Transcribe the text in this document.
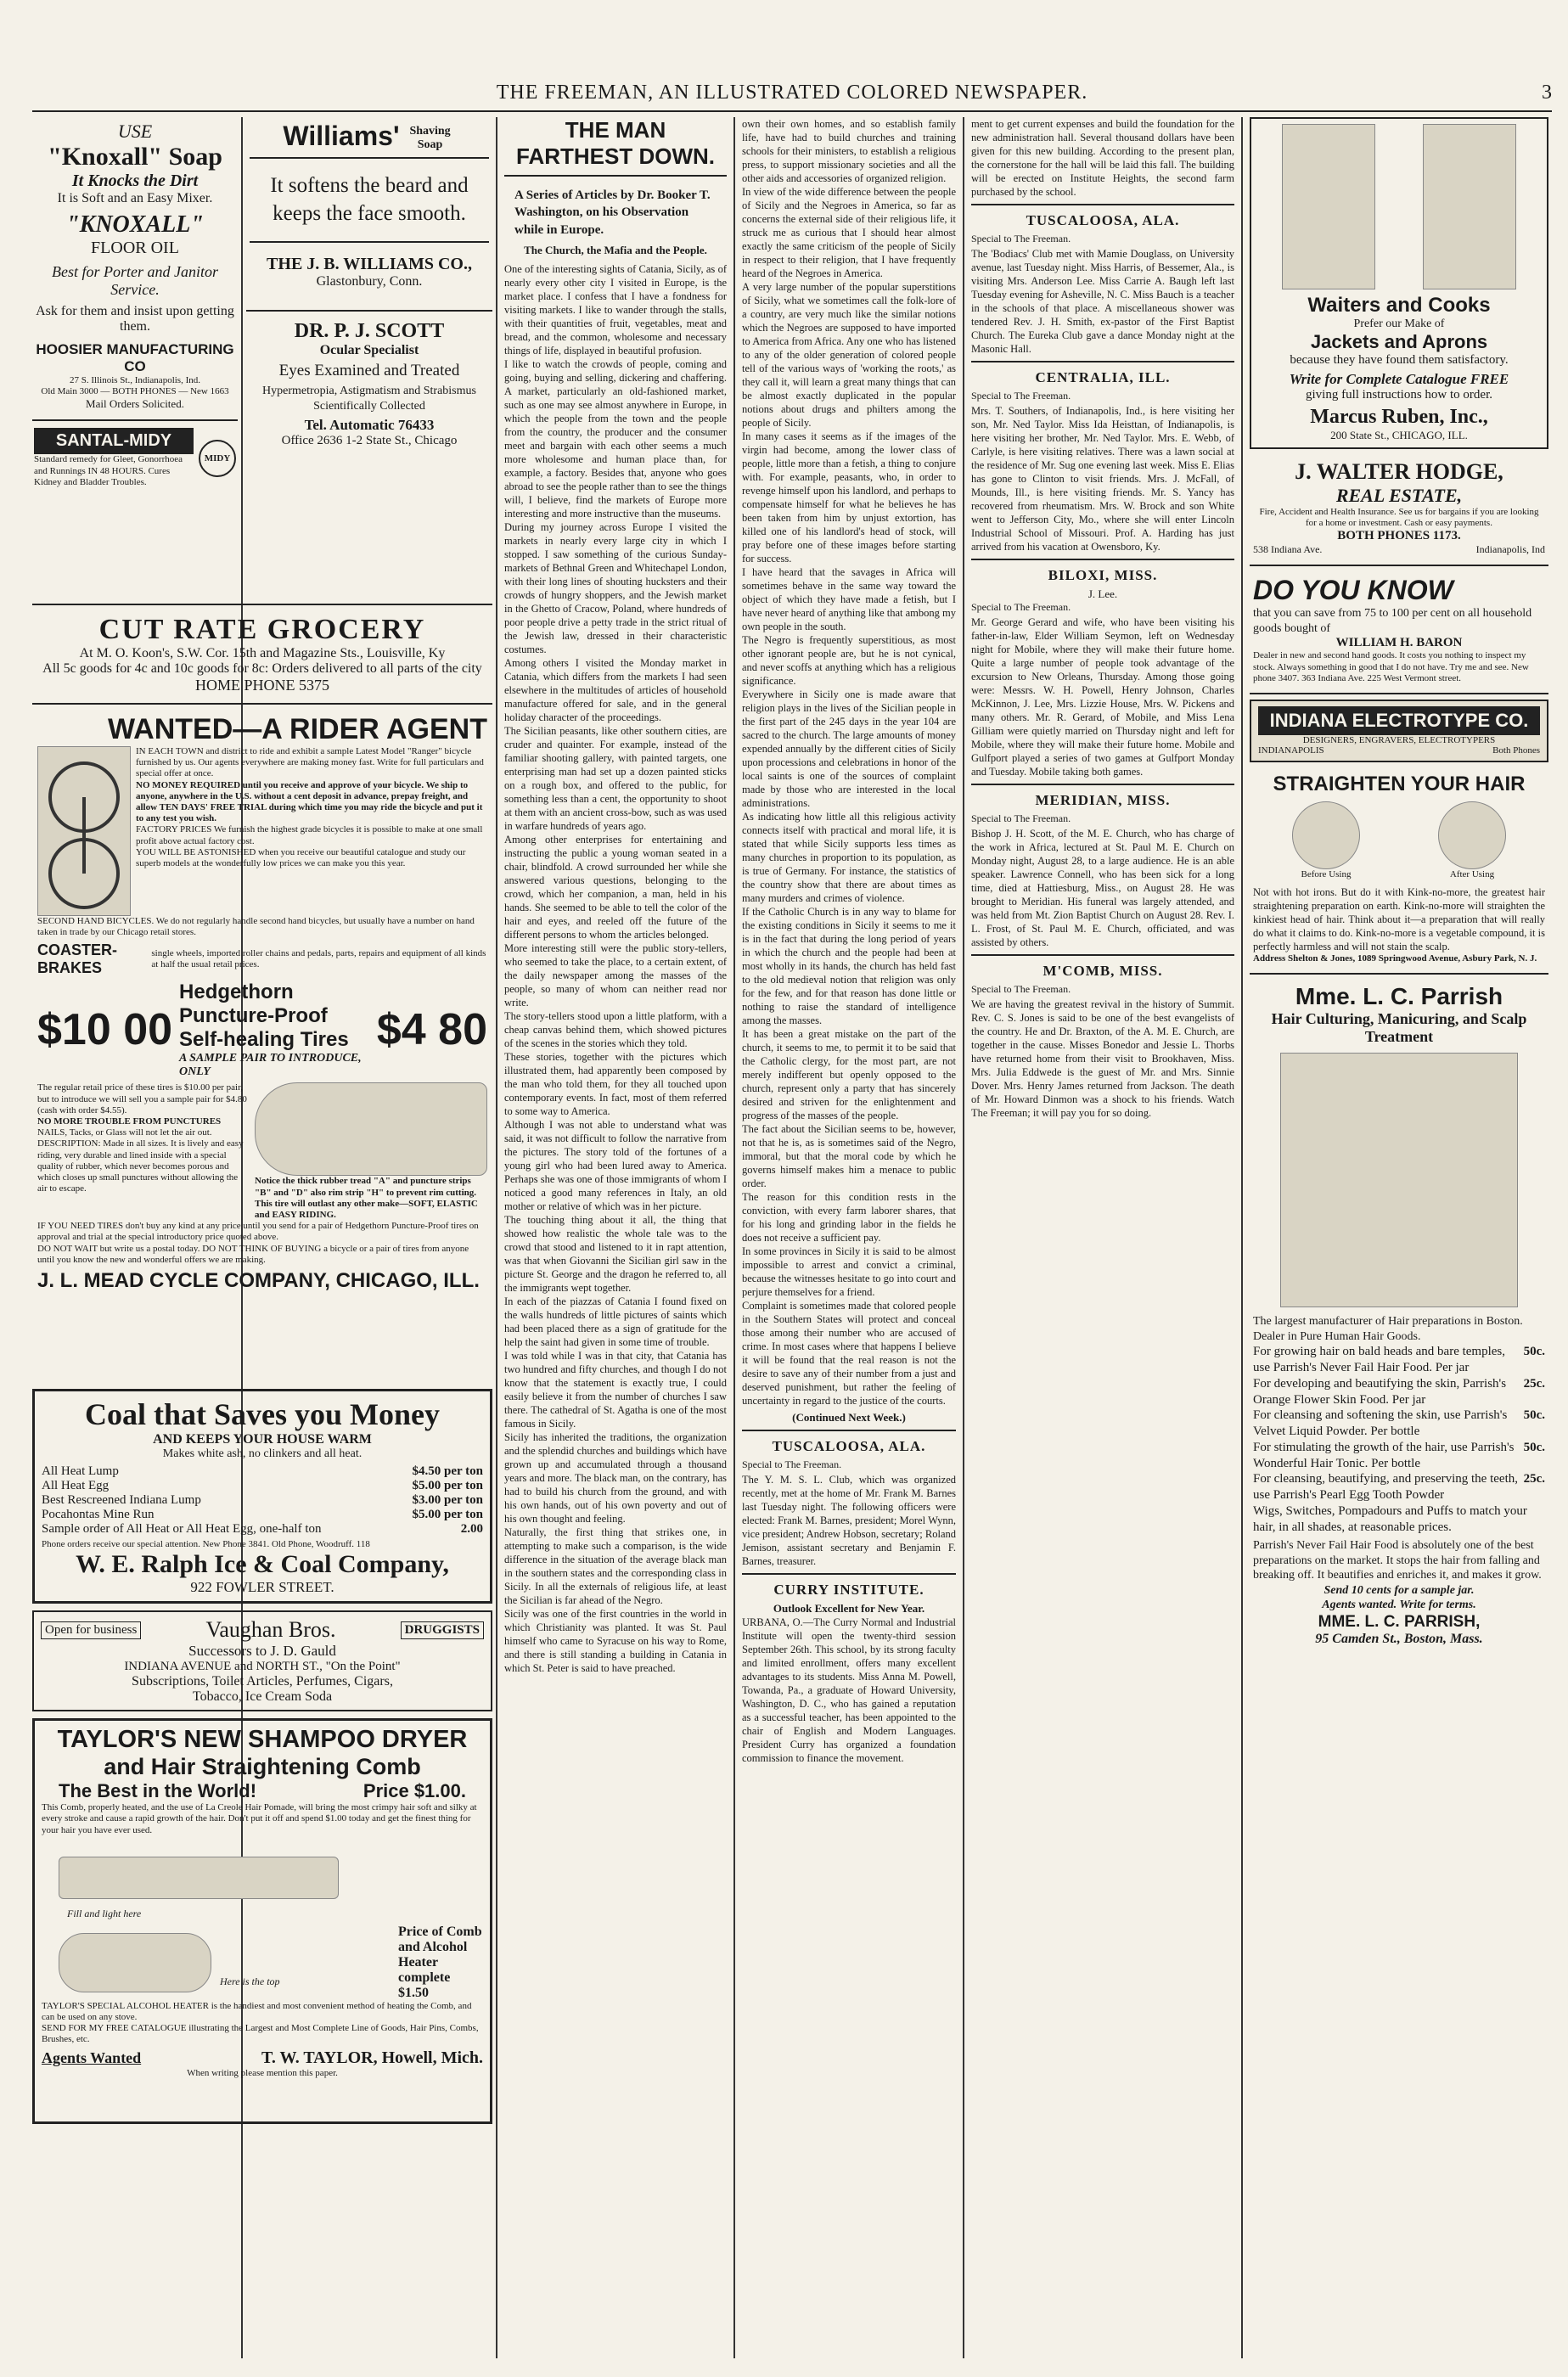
THE FREEMAN, AN ILLUSTRATED COLORED NEWSPAPER.	3
USE
"Knoxall" Soap
It Knocks the Dirt
It is Soft and an Easy Mixer.
"KNOXALL"
FLOOR OIL
Best for Porter and Janitor Service.
Ask for them and insist upon getting them.
HOOSIER MANUFACTURING CO
27 S. Illinois St., Indianapolis, Ind.
Old Main 3000 — BOTH PHONES — New 1663
Mail Orders Solicited.
SANTAL-MIDY
Standard remedy for Gleet, Gonorrhoea and Runnings IN 48 HOURS. Cures Kidney and Bladder Troubles.
MIDY
Williams' Shaving Soap
It softens the beard and keeps the face smooth.
THE J. B. WILLIAMS CO.,
Glastonbury, Conn.
DR. P. J. SCOTT
Ocular Specialist
Eyes Examined and Treated
Hypermetropia, Astigmatism and Strabismus Scientifically Collected
Tel. Automatic 76433
Office 2636 1-2 State St., Chicago
CUT RATE GROCERY
At M. O. Koon's, S.W. Cor. 15th and Magazine Sts., Louisville, Ky
All 5c goods for 4c and 10c goods for 8c: Orders delivered to all parts of the city
HOME PHONE 5375
WANTED—A RIDER AGENT
IN EACH TOWN and district to ride and exhibit a sample Latest Model "Ranger" bicycle furnished by us. Our agents everywhere are making money fast. Write for full particulars and special offer at once.
NO MONEY REQUIRED until you receive and approve of your bicycle. We ship to anyone, anywhere in the U.S. without a cent deposit in advance, prepay freight, and allow TEN DAYS' FREE TRIAL during which time you may ride the bicycle and put it to any test you wish.
FACTORY PRICES We furnish the highest grade bicycles it is possible to make at one small profit above actual factory cost.
YOU WILL BE ASTONISHED when you receive our beautiful catalogue and study our superb models at the wonderfully low prices we can make you this year.
SECOND HAND BICYCLES. We do not regularly handle second hand bicycles, but usually have a number on hand taken in trade by our Chicago retail stores.
COASTER-BRAKES
single wheels, imported roller chains and pedals, parts, repairs and equipment of all kinds at half the usual retail prices.
$10 00
Hedgethorn Puncture-Proof
Self-healing Tires
A SAMPLE PAIR TO INTRODUCE, ONLY
$4 80
The regular retail price of these tires is $10.00 per pair, but to introduce we will sell you a sample pair for $4.80 (cash with order $4.55).
NO MORE TROUBLE FROM PUNCTURES
NAILS, Tacks, or Glass will not let the air out.
DESCRIPTION: Made in all sizes. It is lively and easy riding, very durable and lined inside with a special quality of rubber, which never becomes porous and which closes up small punctures without allowing the air to escape.
Notice the thick rubber tread "A" and puncture strips "B" and "D" also rim strip "H" to prevent rim cutting. This tire will outlast any other make—SOFT, ELASTIC and EASY RIDING.
IF YOU NEED TIRES don't buy any kind at any price until you send for a pair of Hedgethorn Puncture-Proof tires on approval and trial at the special introductory price quoted above.
DO NOT WAIT but write us a postal today. DO NOT THINK OF BUYING a bicycle or a pair of tires from anyone until you know the new and wonderful offers we are making.
J. L. MEAD CYCLE COMPANY, CHICAGO, ILL.
Coal that Saves you Money
AND KEEPS YOUR HOUSE WARM
Makes white ash, no clinkers and all heat.
All Heat Lump	$4.50 per ton
All Heat Egg	$5.00 per ton
Best Rescreened Indiana Lump	$3.00 per ton
Pocahontas Mine Run	$5.00 per ton
Sample order of All Heat or All Heat Egg, one-half ton	2.00
Phone orders receive our special attention. New Phone 3841. Old Phone, Woodruff. 118
W. E. Ralph Ice & Coal Company,
922 FOWLER STREET.
Open for business	Vaughan Bros.	DRUGGISTS
Successors to J. D. Gauld
INDIANA AVENUE and NORTH ST., "On the Point"
Subscriptions, Toilet Articles, Perfumes, Cigars,
Tobacco, Ice Cream Soda
TAYLOR'S NEW SHAMPOO DRYER
and Hair Straightening Comb
The Best in the World!	Price $1.00.
This Comb, properly heated, and the use of La Creole Hair Pomade, will bring the most crimpy hair soft and silky at every stroke and cause a rapid growth of the hair. Don't put it off and spend $1.00 today and get the finest thing for your hair you have ever used.
Fill and light here
Here is the top
Price of Comb and Alcohol Heater complete $1.50
TAYLOR'S SPECIAL ALCOHOL HEATER is the handiest and most convenient method of heating the Comb, and can be used on any stove.
SEND FOR MY FREE CATALOGUE illustrating the Largest and Most Complete Line of Goods, Hair Pins, Combs, Brushes, etc.
Agents Wanted	T. W. TAYLOR, Howell, Mich.
When writing please mention this paper.
THE MAN FARTHEST DOWN.
A Series of Articles by Dr. Booker T. Washington, on his Observation while in Europe.
The Church, the Mafia and the People.

One of the interesting sights of Catania, Sicily, as of nearly every other city I visited in Europe, is the market place. I confess that I have a fondness for visiting markets. I like to wander through the stalls, with their quantities of fruit, vegetables, meat and bread, and the common, wholesome and necessary things of life, displayed in beautiful profusion.

I like to watch the crowds of people, coming and going, buying and selling, dickering and chaffering. A market, particularly an old-fashioned market, such as one may see almost anywhere in Europe, in which the people from the town and the people from the country, the producer and the consumer meet and bargain with each other seems a much more wholesome and human place than, for example, a factory. Besides that, anyone who goes abroad to see the people rather than to see the things will, I believe, find the markets of Europe more interesting and more instructive than the museums.

During my journey across Europe I visited the markets in nearly every large city in which I stopped. I saw something of the curious Sunday-markets of Bethnal Green and Whitechapel London, with their long lines of shouting hucksters and their crowds of hungry shoppers, and the Jewish market in the Ghetto of Cracow, Poland, where hundreds of poor people drive a petty trade in the strict ritual of the Jewish law, dressed in their characteristic costumes.

Among others I visited the Monday market in Catania, which differs from the markets I had seen elsewhere in the multitudes of articles of household manufacture offered for sale, and in the general holiday character of the proceedings.

The Sicilian peasants, like other southern cities, are cruder and quainter. For example, instead of the familiar shooting gallery, with painted targets, one enterprising man had set up a dozen painted sticks on a rough box, and offered to the public, for something less than a cent, the opportunity to shoot at them with an ancient cross-bow, such as was used in warfare hundreds of years ago.

Among other enterprises for entertaining and instructing the public a young woman seated in a chair, blindfold. A crowd surrounded her while she answered various questions, belonging to the crowd, which her companion, a man, held in his hands. She seemed to be able to tell the color of the hair and eyes, and reeled off the future of the different persons to whom the articles belonged.

More interesting still were the public story-tellers, who seemed to take the place, to a certain extent, of the daily newspaper among the masses of the people, so many of whom can neither read nor write.

The story-tellers stood upon a little platform, with a cheap canvas behind them, which showed pictures of the scenes in the stories which they told.

These stories, together with the pictures which illustrated them, had apparently been composed by the man who told them, for they all touched upon contemporary events. In fact, most of them referred to some way to America.

Although I was not able to understand what was said, it was not difficult to follow the narrative from the pictures. The story told of the fortunes of a young girl who had been lured away to America. Perhaps she was one of those immigrants of whom I noticed a good many references in Italy, an old mother or relative of which was in her picture.

The touching thing about it all, the thing that showed how realistic the whole tale was to the crowd that stood and listened to it in rapt attention, was that when Giovanni the Sicilian girl saw in the picture St. George and the dragon he referred to, all the immigrants wept together.

In each of the piazzas of Catania I found fixed on the walls hundreds of little pictures of saints which had been placed there as a sign of gratitude for the help the saint had given in some time of trouble.

I was told while I was in that city, that Catania has two hundred and fifty churches, and though I do not know that the statement is exactly true, I could easily believe it from the number of churches I saw there. The cathedral of St. Agatha is one of the most famous in Sicily.

Sicily has inherited the traditions, the organization and the splendid churches and buildings which have grown up and accumulated through a thousand years and more. The black man, on the contrary, has had to build his church from the ground, and with his own hands, out of his own poverty and out of his own thought and feeling.

Naturally, the first thing that strikes one, in attempting to make such a comparison, is the wide difference in the situation of the average black man in the southern states and the corresponding class in Sicily. In all the externals of religious life, at least the Sicilian is far ahead of the Negro.

Sicily was one of the first countries in the world in which Christianity was planted. It was St. Paul himself who came to Syracuse on his way to Rome, and there is still standing a building in Catania in which St. Peter is said to have preached.

own their own homes, and so establish family life, have had to build churches and training schools for their ministers, to establish a religious press, to support missionary societies and all the other aids and accessories of organized religion.

In view of the wide difference between the people of Sicily and the Negroes in America, so far as concerns the external side of their religious life, it struck me as curious that I should hear almost exactly the same criticism of the people of Sicily in respect to their religion, that I have frequently heard of the Negroes in America.

A very large number of the popular superstitions of Sicily, what we sometimes call the folk-lore of a country, are very much like the similar notions which the Negroes are supposed to have imported to America from Africa. Any one who has listened to any of the older generation of colored people tell of the various ways of 'working the roots,' as they call it, will learn a great many things that can be almost exactly duplicated in the popular notions about drugs and philters among the people of Sicily.

In many cases it seems as if the images of the virgin had become, among the lower class of people, little more than a fetish, a thing to conjure with. For example, peasants, who, in order to revenge himself upon his landlord, and perhaps to compensate himself for what he believes he has been taken from him by unjust extortion, has killed one of his landlord's head of stock, will pray before one of these images before starting for success.

I have heard that the savages in Africa will sometimes behave in the same way toward the object of which they have made a fetish, but I have never heard of anything like that ambong my own people in the south.

The Negro is frequently superstitious, as most other ignorant people are, but he is not cynical, and never scoffs at anything which has a religious significance.

Everywhere in Sicily one is made aware that religion plays in the lives of the Sicilian people in the first part of the 245 days in the year 104 are sacred to the church. The large amounts of money expended annually by the different cities of Sicily upon processions and celebrations in honor of the local saints is one of the sources of complaint made by those who are interested in the local administrations.

As indicating how little all this religious activity connects itself with practical and moral life, it is stated that while Sicily supports less times as many churches in proportion to its population, as is true of Germany. For instance, the statistics of the country show that there are about times as many murders and crimes of violence.

If the Catholic Church is in any way to blame for the existing conditions in Sicily it seems to me it is in the fact that during the long period of years in which the church and the people had been at most wholly in its hands, the church has held fast to the old medieval notion that religion was only for the few, and for that reason has done little or nothing to raise the standard of intelligence among the masses.

It has been a great mistake on the part of the church, it seems to me, to permit it to be said that the Catholic clergy, for the most part, are not merely indifferent but openly opposed to the church, represent only a party that has sincerely desired and striven for the enlightenment and progress of the masses of the people.

The fact about the Sicilian seems to be, however, not that he is, as is sometimes said of the Negro, immoral, but that the moral code by which he governs himself makes him a menace to public order.

The reason for this condition rests in the conviction, with every farm laborer shares, that for his long and grinding labor in the fields he does not receive a sufficient pay.

In some provinces in Sicily it is said to be almost impossible to arrest and convict a criminal, because the witnesses hesitate to go into court and perjure themselves for a friend.

Complaint is sometimes made that colored people in the Southern States will protect and conceal those among their number who are accused of crime. In most cases where that happens I believe it will be found that the real reason is not the desire to save any of their number from a just and deserved punishment, but rather the feeling of uncertainty in regard to the justice of the courts.

(Continued Next Week.)
TUSCALOOSA, ALA.
Special to The Freeman.

The Y. M. S. L. Club, which was organized recently, met at the home of Mr. Frank M. Barnes last Tuesday night. The following officers were elected: Frank M. Barnes, president; Morel Wynn, vice president; Andrew Hobson, secretary; Roland Jemison, assistant secretary and Benjamin F. Barnes, treasurer.

CURRY INSTITUTE.
Outlook Excellent for New Year.

URBANA, O.—The Curry Normal and Industrial Institute will open the twenty-third session September 26th. This school, by its strong faculty and limited enrollment, offers many excellent advantages to its students. Miss Anna M. Powell, Towanda, Pa., a graduate of Howard University, Washington, D. C., who has gained a reputation as a successful teacher, has been appointed to the chair of English and Modern Languages. President Curry has organized a foundation commission to finance the movement.

ment to get current expenses and build the foundation for the new administration hall. Several thousand dollars have been given for this new building. According to the present plan, the cornerstone for the hall will be laid this fall. The building will be erected on Institute Heights, the second farm purchased by the school.

TUSCALOOSA, ALA.
Special to The Freeman.

The 'Bodiacs' Club met with Mamie Douglass, on University avenue, last Tuesday night. Miss Harris, of Bessemer, Ala., is visiting Mrs. Anderson Lee. Miss Carrie A. Baugh left last Tuesday evening for Asheville, N. C. Miss Bauch is a teacher in the schools of that place. A miscellaneous shower was tendered Rev. J. H. Smith, ex-pastor of the First Baptist Church. The Eureka Club gave a dance Monday night at the Masonic Hall.

CENTRALIA, ILL.
Special to The Freeman.

Mrs. T. Southers, of Indianapolis, Ind., is here visiting her son, Mr. Ned Taylor. Miss Ida Heisttan, of Indianapolis, is here visiting her brother, Mr. Ned Taylor. Mrs. E. Webb, of Carlyle, is here visiting relatives. There was a lawn social at the residence of Mr. Sug one evening last week. Miss E. Elias has gone to Clinton to visit friends. Mrs. J. McFall, of Mounds, Ill., is here visiting friends. Mr. S. Yancy has recovered from rheumatism. Mrs. W. Brock and son White went to Jefferson City, Mo., where she will enter Lincoln Industrial School of Missouri. Prof. A. Harding has just arrived from his vacation at Owensboro, Ky.

BILOXI, MISS.
J. Lee.
Special to The Freeman.

Mr. George Gerard and wife, who have been visiting his father-in-law, Elder William Seymon, left on Wednesday night for Mobile, where they will make their future home. Quite a large number of people took advantage of the excursion to New Orleans, Thursday. Among those going were: Messrs. W. H. Powell, Henry Johnson, Charles McKinnon, J. Lee, Mrs. Lizzie House, Mrs. W. Pickens and many others. Mr. R. Gerard, of Mobile, and Miss Lena Gilliam were quietly married on Thursday night and left for Mobile, where they will make their future home. Mobile and Gulfport played a series of two games at Gulfport Monday and Tuesday. Mobile taking both games.

MERIDIAN, MISS.
Special to The Freeman.

Bishop J. H. Scott, of the M. E. Church, who has charge of the work in Africa, lectured at St. Paul M. E. Church on Monday night, August 28, to a large audience. He is an able speaker. Lawrence Connell, who has been sick for a long time, died at Hattiesburg, Miss., on August 28. He was brought to Meridian. His funeral was largely attended, and was held from Mt. Zion Baptist Church on August 28. Rev. I. L. Frost, of St. Paul M. E. Church, officiated, and was assisted by others.

M'COMB, MISS.
Special to The Freeman.

We are having the greatest revival in the history of Summit. Rev. C. S. Jones is said to be one of the best evangelists of the country. He and Dr. Braxton, of the A. M. E. Church, are together in the cause. Misses Bonedor and Jessie L. Thorbs have returned home from their visit to Brookhaven, Miss. Mrs. Julia Eddwede is the guest of Mr. and Mrs. Sinnie Dover. Mrs. Henry James returned from Jackson. The death of Mr. Howard Dinmon was a shock to his friends. Watch The Freeman; it will pay you for so doing.

Waiters and Cooks
Prefer our Make of
Jackets and Aprons
because they have found them satisfactory.
Write for Complete Catalogue FREE
giving full instructions how to order.
Marcus Ruben, Inc.,
200 State St., CHICAGO, ILL.
J. WALTER HODGE,
REAL ESTATE,
Fire, Accident and Health Insurance. See us for bargains if you are looking for a home or investment. Cash or easy payments.
BOTH PHONES 1173.
538 Indiana Ave.	Indianapolis, Ind
DO YOU KNOW
that you can save from 75 to 100 per cent on all household goods bought of
WILLIAM H. BARON
Dealer in new and second hand goods. It costs you nothing to inspect my stock. Always something in good that I do not have. Try me and see. New phone 3407. 363 Indiana Ave. 225 West Vermont street.
INDIANA ELECTROTYPE CO.
DESIGNERS, ENGRAVERS, ELECTROTYPERS
INDIANAPOLIS	Both Phones
STRAIGHTEN YOUR HAIR
Before Using	After Using

Not with hot irons. But do it with Kink-no-more, the greatest hair straightening preparation on earth. Kink-no-more will straighten the kinkiest head of hair. Think about it—a preparation that will really do what it claims to do. Kink-no-more is a vegetable compound, it is perfectly harmless and will not stain the scalp.

Address Shelton & Jones, 1089 Springwood Avenue, Asbury Park, N. J.

Mme. L. C. Parrish
Hair Culturing, Manicuring, and Scalp Treatment
The largest manufacturer of Hair preparations in Boston. Dealer in Pure Human Hair Goods.
For growing hair on bald heads and bare temples, use Parrish's Never Fail Hair Food. Per jar
50c.
For developing and beautifying the skin, Parrish's Orange Flower Skin Food. Per jar
25c.
For cleansing and softening the skin, use Parrish's Velvet Liquid Powder. Per bottle
50c.
For stimulating the growth of the hair, use Parrish's Wonderful Hair Tonic. Per bottle
50c.
For cleansing, beautifying, and preserving the teeth, use Parrish's Pearl Egg Tooth Powder
25c.
Wigs, Switches, Pompadours and Puffs to match your hair, in all shades, at reasonable prices.
Parrish's Never Fail Hair Food is absolutely one of the best preparations on the market. It stops the hair from falling and breaking off. It beautifies and enriches it, and makes it grow.
Send 10 cents for a sample jar.
Agents wanted. Write for terms.
MME. L. C. PARRISH,
95 Camden St., Boston, Mass.
